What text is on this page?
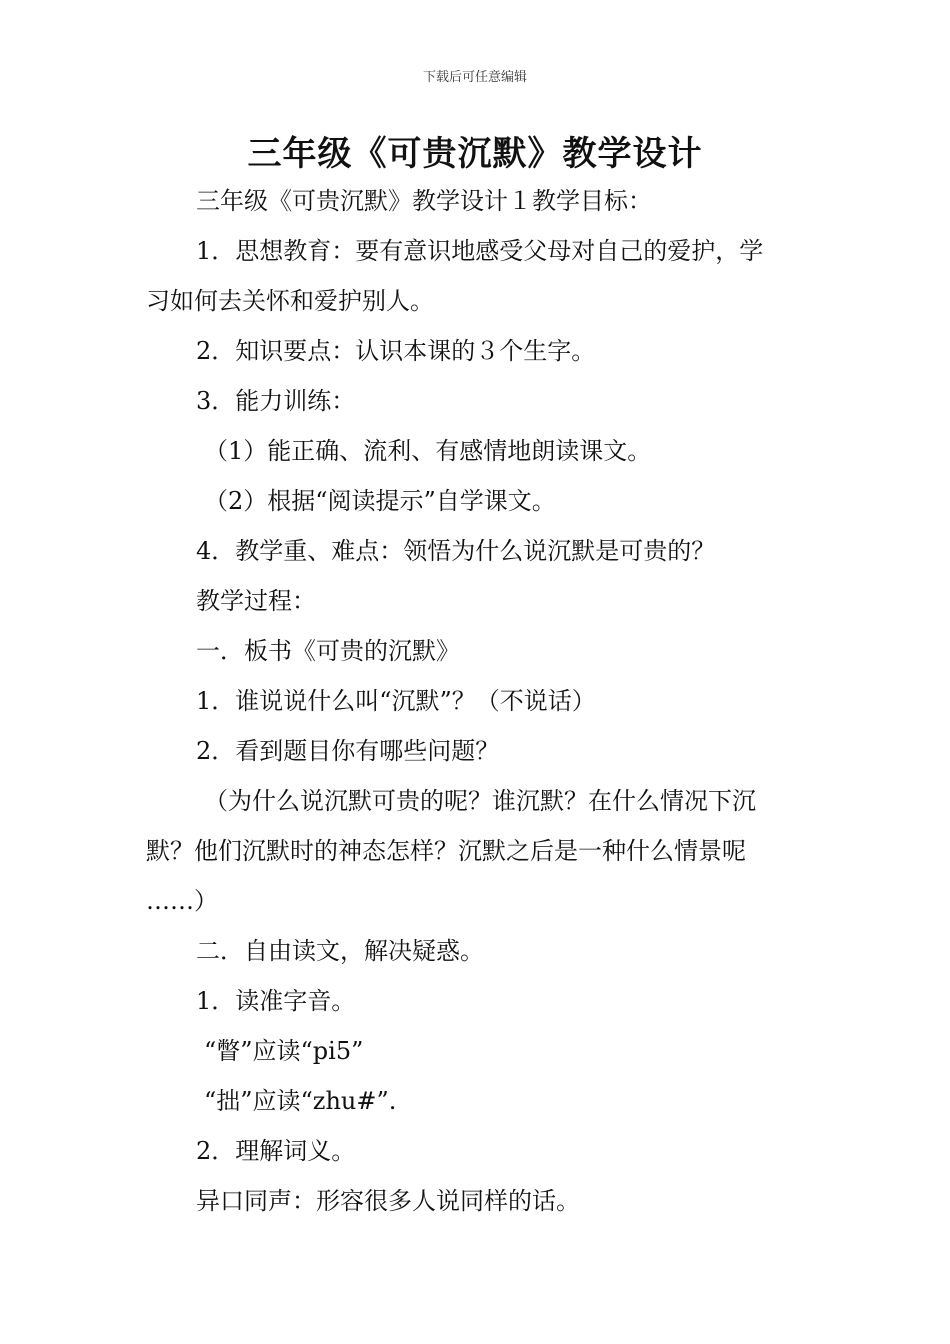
下载后可任意编辑
三年级《可贵沉默》教学设计
三年级《可贵沉默》教学设计１教学目标：
1．思想教育：要有意识地感受父母对自己的爱护，学
习如何去关怀和爱护别人。
2．知识要点：认识本课的３个生字。
3．能力训练：
（1）能正确、流利、有感情地朗读课文。
（2）根据“阅读提示”自学课文。
4．教学重、难点：领悟为什么说沉默是可贵的？
教学过程：
一．板书《可贵的沉默》
1．谁说说什么叫“沉默”？（不说话）
2．看到题目你有哪些问题？
（为什么说沉默可贵的呢？谁沉默？在什么情况下沉
默？他们沉默时的神态怎样？沉默之后是一种什么情景呢
……）
二．自由读文，解决疑惑。
1．读准字音。
“瞥”应读“pi5”
“拙”应读“zhu#”.
2．理解词义。
异口同声：形容很多人说同样的话。
